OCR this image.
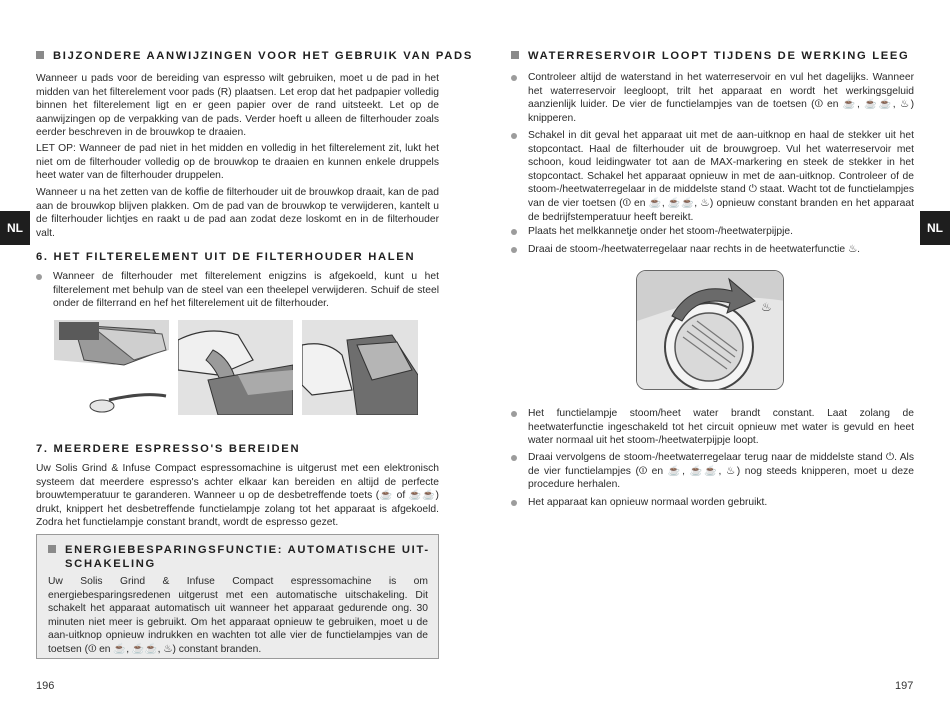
NL	NL
BIJZONDERE AANWIJZINGEN VOOR HET GEBRUIK VAN PADS
Wanneer u pads voor de bereiding van espresso wilt gebruiken, moet u de pad in het midden van het filterelement voor pads (R) plaatsen. Let erop dat het padpapier volledig binnen het filterelement ligt en er geen papier over de rand uitsteekt. Let op de aanwijzingen op de verpakking van de pads. Verder hoeft u alleen de filterhouder zoals eerder beschreven in de brouwkop te draaien.
LET OP: Wanneer de pad niet in het midden en volledig in het filterelement zit, lukt het niet om de filterhouder volledig op de brouwkop te draaien en kunnen enkele druppels heet water van de filterhouder druppelen.
Wanneer u na het zetten van de koffie de filterhouder uit de brouwkop draait, kan de pad aan de brouwkop blijven plakken. Om de pad van de brouwkop te verwijderen, kantelt u de filterhouder lichtjes en raakt u de pad aan zodat deze loskomt en in de filterhouder valt.
6. HET FILTERELEMENT UIT DE FILTERHOUDER HALEN
Wanneer de filterhouder met filterelement enigzins is afgekoeld, kunt u het filterelement met behulp van de steel van een theelepel verwijderen. Schuif de steel onder de filterrand en hef het filterelement uit de filterhouder.
7. MEERDERE ESPRESSO'S BEREIDEN
Uw Solis Grind & Infuse Compact espressomachine is uitgerust met een elektronisch systeem dat meerdere espresso's achter elkaar kan bereiden en altijd de perfecte brouwtemperatuur te garanderen. Wanneer u op de desbetreffende toets (☕ of ☕☕) drukt, knippert het desbetreffende functielampje zolang tot het apparaat is afgekoeld. Zodra het functielampje constant brandt, wordt de espresso gezet.
ENERGIEBESPARINGSFUNCTIE: AUTOMATISCHE UIT-
SCHAKELING
Uw Solis Grind & Infuse Compact espressomachine is om energiebesparingsredenen uitgerust met een automatische uitschakeling. Dit schakelt het apparaat automatisch uit wanneer het apparaat gedurende ong. 30 minuten niet meer is gebruikt. Om het apparaat opnieuw te gebruiken, moet u de aan-uitknop opnieuw indrukken en wachten tot alle vier de functielampjes van de toetsen (⏼ en ☕, ☕☕, ♨) constant branden.
196
WATERRESERVOIR LOOPT TIJDENS DE WERKING LEEG
Controleer altijd de waterstand in het waterreservoir en vul het dagelijks. Wanneer het waterreservoir leegloopt, trilt het apparaat en wordt het werkingsgeluid aanzienlijk luider. De vier de functielampjes van de toetsen (⏼ en ☕, ☕☕, ♨) knipperen.
Schakel in dit geval het apparaat uit met de aan-uitknop en haal de stekker uit het stopcontact. Haal de filterhouder uit de brouwgroep. Vul het waterreservoir met schoon, koud leidingwater tot aan de MAX-markering en steek de stekker in het stopcontact. Schakel het apparaat opnieuw in met de aan-uitknop. Controleer of de stoom-/heetwaterregelaar in de middelste stand ⏻ staat. Wacht tot de functielampjes van de vier toetsen (⏼ en ☕, ☕☕, ♨) opnieuw constant branden en het apparaat de bedrijfstemperatuur heeft bereikt.
Plaats het melkkannetje onder het stoom-/heetwaterpijpje.
Draai de stoom-/heetwaterregelaar naar rechts in de heetwaterfunctie ♨.
♨
Het functielampje stoom/heet water brandt constant. Laat zolang de heetwaterfunctie ingeschakeld tot het circuit opnieuw met water is gevuld en heet water normaal uit het stoom-/heetwaterpijpje loopt.
Draai vervolgens de stoom-/heetwaterregelaar terug naar de middelste stand ⏻. Als de vier functielampjes (⏼ en ☕, ☕☕, ♨) nog steeds knipperen, moet u deze procedure herhalen.
Het apparaat kan opnieuw normaal worden gebruikt.
197
